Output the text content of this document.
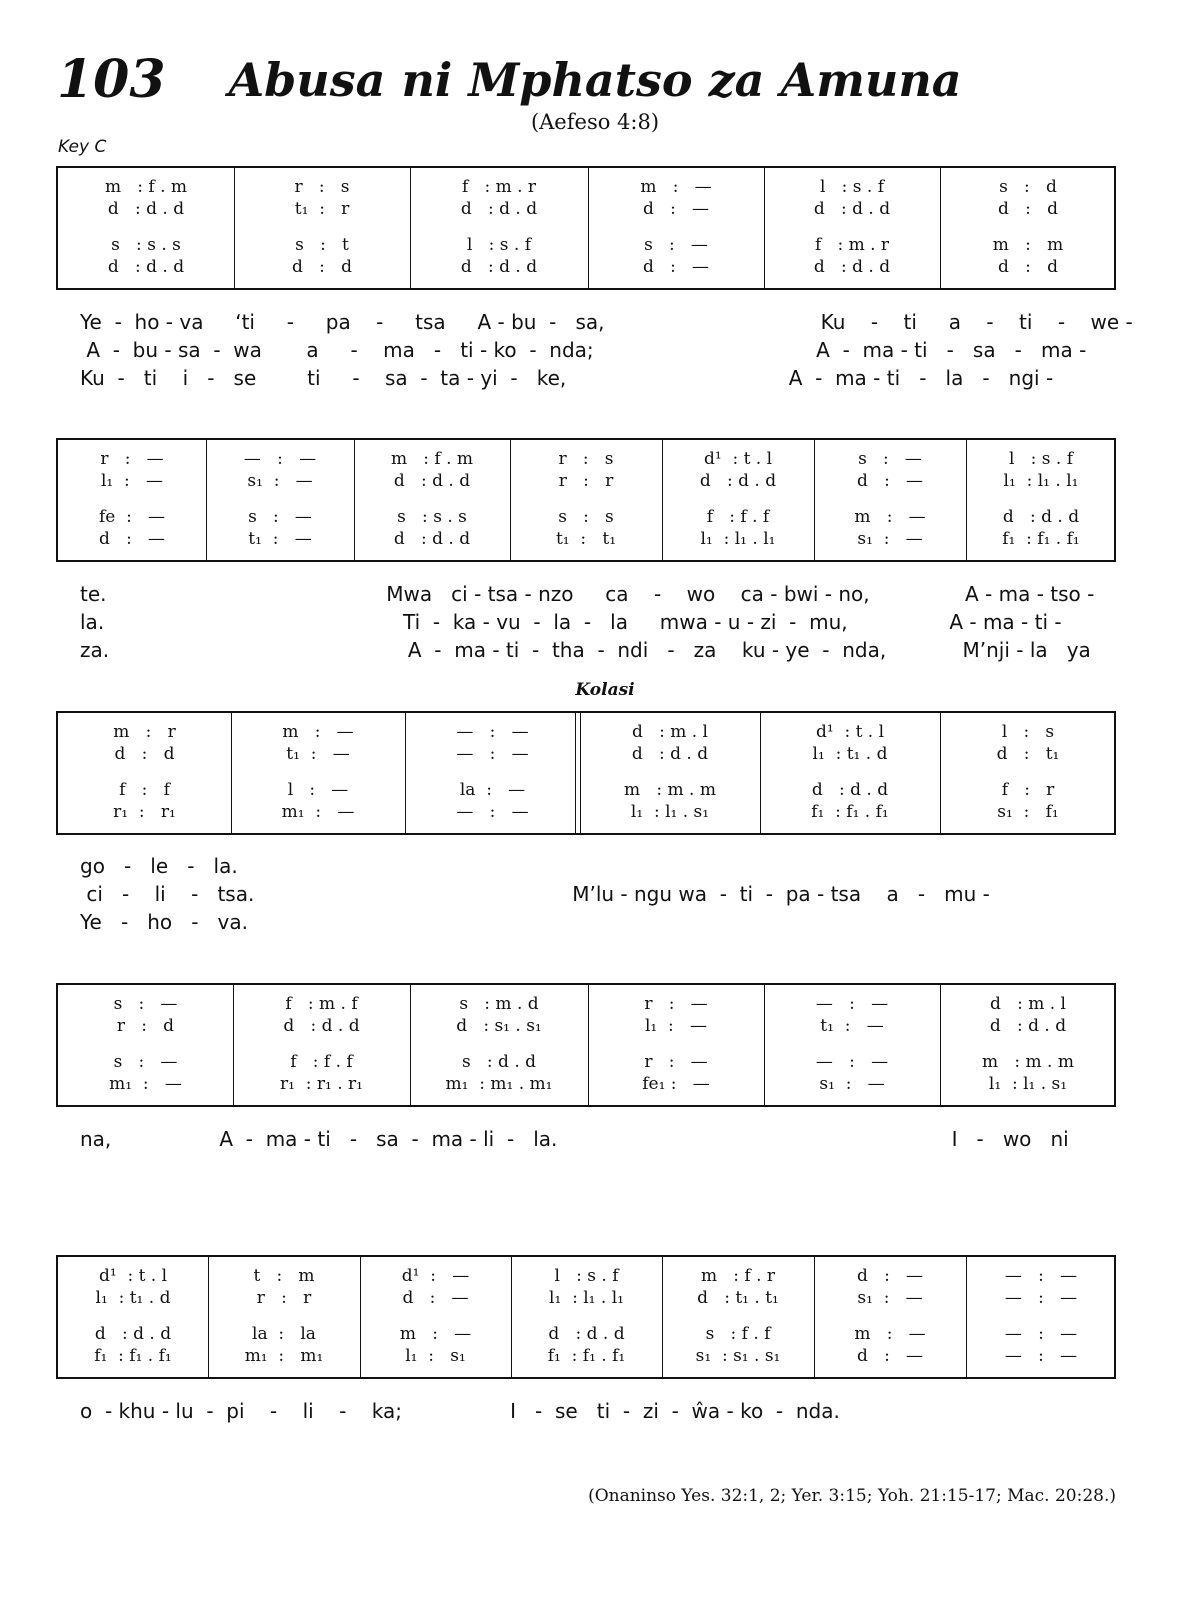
103	Abusa ni Mphatso za Amuna
(Aefeso 4:8)
Key C
Kolasi
(Onaninso Yes. 32:1, 2; Yer. 3:15; Yoh. 21:15-17; Mac. 20:28.)
m   : f . m
d   : d . d
s   : s . s
d   : d . d
r   :   s
t₁  :   r
s   :   t
d   :   d
f   : m . r
d   : d . d
l   : s . f
d   : d . d
m   :   —
d   :   —
s   :   —
d   :   —
l   : s . f
d   : d . d
f   : m . r
d   : d . d
s   :   d
d   :   d
m   :   m
d   :   d
Ye  -  ho - va     ‘ti     -     pa    -     tsa     A - bu  -   sa,                                  Ku    -    ti     a    -    ti    -    we -
A  -  bu - sa  -  wa       a     -    ma   -   ti - ko  -  nda;                                   A  -  ma - ti   -   sa   -   ma -
Ku  -   ti    i   -   se        ti     -    sa  -  ta - yi  -   ke,                                   A  -  ma - ti   -   la   -   ngi -
r   :   —
l₁  :   —
fe  :   —
d   :   —
—   :   —
s₁  :   —
s   :   —
t₁  :   —
m   : f . m
d   : d . d
s   : s . s
d   : d . d
r   :   s
r   :   r
s   :   s
t₁  :   t₁
d¹  : t . l
d   : d . d
f   : f . f
l₁  : l₁ . l₁
s   :   —
d   :   —
m   :   —
s₁  :   —
l   : s . f
l₁  : l₁ . l₁
d   : d . d
f₁  : f₁ . f₁
te.                                            Mwa   ci - tsa - nzo     ca    -    wo    ca - bwi - no,               A - ma - tso -
la.                                               Ti  -  ka - vu  -  la  -   la     mwa - u - zi  -  mu,                A - ma - ti -
za.                                               A  -  ma - ti  -  tha  -  ndi   -   za    ku - ye  -  nda,            M’nji - la   ya
m   :   r
d   :   d
f   :   f
r₁  :   r₁
m   :   —
t₁  :   —
l   :   —
m₁  :   —
—   :   —
—   :   —
la  :   —
—   :   —
d   : m . l
d   : d . d
m   : m . m
l₁  : l₁ . s₁
d¹  : t . l
l₁  : t₁ . d
d   : d . d
f₁  : f₁ . f₁
l   :   s
d   :   t₁
f   :   r
s₁  :   f₁
go   -   le   -   la.
ci   -    li    -   tsa.                                                  M’lu - ngu wa  -  ti  -  pa - tsa    a   -   mu -
Ye   -   ho   -   va.
s   :   —
r   :   d
s   :   —
m₁  :   —
f   : m . f
d   : d . d
f   : f . f
r₁  : r₁ . r₁
s   : m . d
d   : s₁ . s₁
s   : d . d
m₁  : m₁ . m₁
r   :   —
l₁  :   —
r   :   —
fe₁ :   —
—   :   —
t₁  :   —
—   :   —
s₁  :   —
d   : m . l
d   : d . d
m   : m . m
l₁  : l₁ . s₁
na,                 A  -  ma - ti   -   sa  -  ma - li  -   la.                                                              I   -   wo   ni
d¹  : t . l
l₁  : t₁ . d
d   : d . d
f₁  : f₁ . f₁
t   :   m
r   :   r
la  :   la
m₁  :   m₁
d¹  :   —
d   :   —
m   :   —
l₁  :   s₁
l   : s . f
l₁  : l₁ . l₁
d   : d . d
f₁  : f₁ . f₁
m   : f . r
d   : t₁ . t₁
s   : f . f
s₁  : s₁ . s₁
d   :   —
s₁  :   —
m   :   —
d   :   —
—   :   —
—   :   —
—   :   —
—   :   —
o  - khu - lu  -  pi    -    li    -    ka;                 I   -  se   ti  -  zi  -  ŵa - ko  -  nda.
